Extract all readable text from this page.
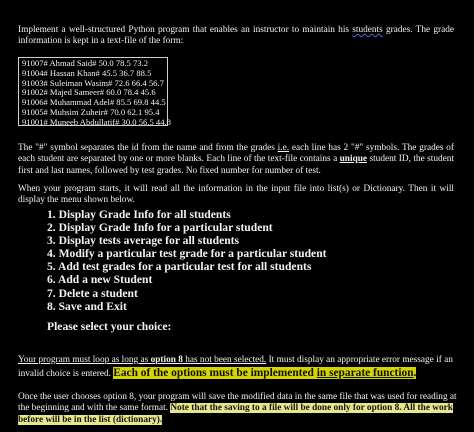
Implement a well-structured Python program that enables an instructor to maintain his students grades. The grade information is kept in a text-file of the form:
91007# Ahmad Said# 50.0 78.5 73.2
91004# Hassan Khan# 45.5 36.7 88.5
91003# Suleiman Wasim# 72.6 66.4 56.7
91002# Majed Sameer# 60.0 78.4 45.6
91006# Muhammad Adel# 85.5 69.8 44.5
91005# Muhsim Zuheir# 70.0 62.1 95.4
91001# Muneeb Abdullatif# 30.0 56.5 44.8
The "#" symbol separates the id from the name and from the grades i.e. each line has 2 "#" symbols. The grades of each student are separated by one or more blanks. Each line of the text-file contains a unique student ID, the student first and last names, followed by test grades. No fixed number for number of test.
When your program starts, it will read all the information in the input file into list(s) or Dictionary. Then it will display the menu shown below.
1. Display Grade Info for all students
2. Display Grade Info for a particular student
3. Display tests average for all students
4. Modify a particular test grade for a particular student
5. Add test grades for a particular test for all students
6. Add a new Student
7. Delete a student
8. Save and Exit
Please select your choice:
Your program must loop as long as option 8 has not been selected. It must display an appropriate error message if an invalid choice is entered. Each of the options must be implemented in separate function.
Once the user chooses option 8, your program will save the modified data in the same file that was used for reading at the beginning and with the same format. Note that the saving to a file will be done only for option 8. All the work before will be in the list (dictionary).
